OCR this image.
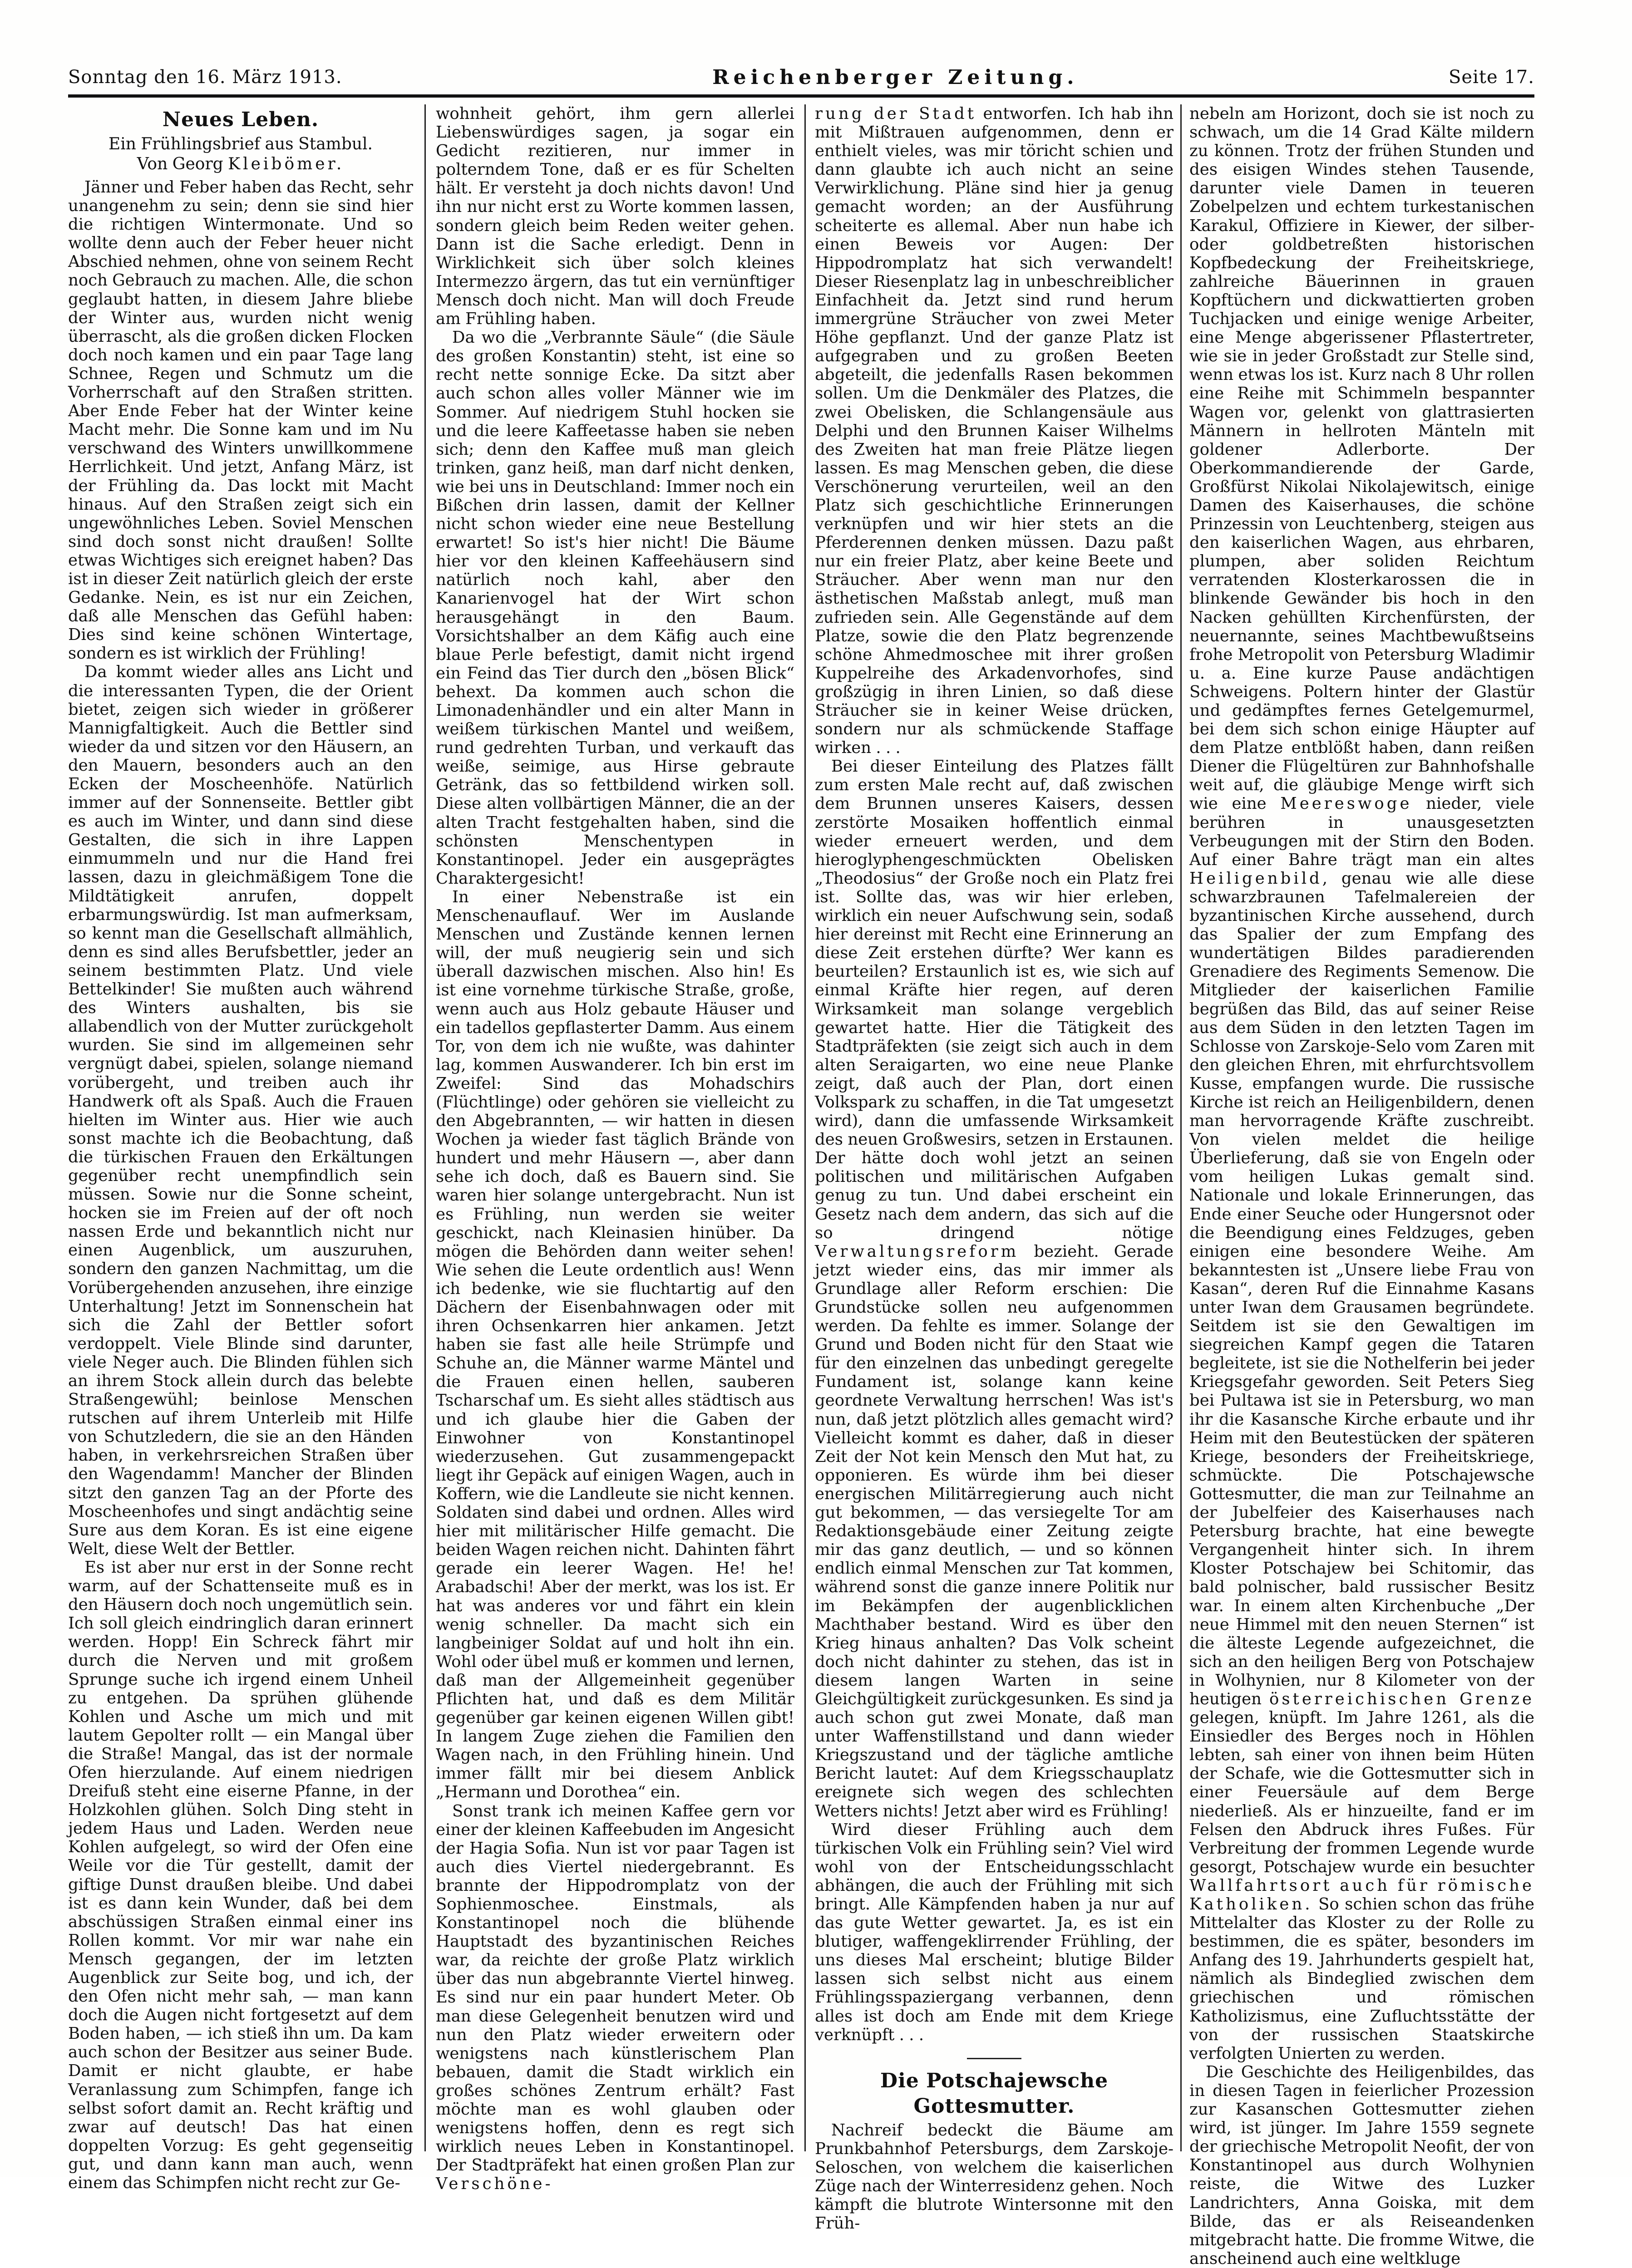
Sonntag den 16. März 1913.	Reichenberger Zeitung.	Seite 17.
Neues Leben.
Ein Frühlingsbrief aus Stambul.
Von Georg Kleibömer.

Jänner und Feber haben das Recht, sehr unangenehm zu sein; denn sie sind hier die richtigen Wintermonate. Und so wollte denn auch der Feber heuer nicht Abschied nehmen, ohne von seinem Recht noch Gebrauch zu machen. Alle, die schon geglaubt hatten, in diesem Jahre bliebe der Winter aus, wurden nicht wenig überrascht, als die großen dicken Flocken doch noch kamen und ein paar Tage lang Schnee, Regen und Schmutz um die Vorherrschaft auf den Straßen stritten. Aber Ende Feber hat der Winter keine Macht mehr. Die Sonne kam und im Nu verschwand des Winters unwillkommene Herrlichkeit. Und jetzt, Anfang März, ist der Frühling da. Das lockt mit Macht hinaus. Auf den Straßen zeigt sich ein ungewöhnliches Leben. Soviel Menschen sind doch sonst nicht draußen! Sollte etwas Wichtiges sich ereignet haben? Das ist in dieser Zeit natürlich gleich der erste Gedanke. Nein, es ist nur ein Zeichen, daß alle Menschen das Gefühl haben: Dies sind keine schönen Wintertage, sondern es ist wirklich der Frühling!

Da kommt wieder alles ans Licht und die interessanten Typen, die der Orient bietet, zeigen sich wieder in größerer Mannigfaltigkeit. Auch die Bettler sind wieder da und sitzen vor den Häusern, an den Mauern, besonders auch an den Ecken der Moscheenhöfe. Natürlich immer auf der Sonnenseite. Bettler gibt es auch im Winter, und dann sind diese Gestalten, die sich in ihre Lappen einmummeln und nur die Hand frei lassen, dazu in gleichmäßigem Tone die Mildtätigkeit anrufen, doppelt erbarmungswürdig. Ist man aufmerksam, so kennt man die Gesellschaft allmählich, denn es sind alles Berufsbettler, jeder an seinem bestimmten Platz. Und viele Bettelkinder! Sie mußten auch während des Winters aushalten, bis sie allabendlich von der Mutter zurückgeholt wurden. Sie sind im allgemeinen sehr vergnügt dabei, spielen, solange niemand vorübergeht, und treiben auch ihr Handwerk oft als Spaß. Auch die Frauen hielten im Winter aus. Hier wie auch sonst machte ich die Beobachtung, daß die türkischen Frauen den Erkältungen gegenüber recht unempfindlich sein müssen. Sowie nur die Sonne scheint, hocken sie im Freien auf der oft noch nassen Erde und bekanntlich nicht nur einen Augenblick, um auszuruhen, sondern den ganzen Nachmittag, um die Vorübergehenden anzusehen, ihre einzige Unterhaltung! Jetzt im Sonnenschein hat sich die Zahl der Bettler sofort verdoppelt. Viele Blinde sind darunter, viele Neger auch. Die Blinden fühlen sich an ihrem Stock allein durch das belebte Straßengewühl; beinlose Menschen rutschen auf ihrem Unterleib mit Hilfe von Schutzledern, die sie an den Händen haben, in verkehrsreichen Straßen über den Wagendamm! Mancher der Blinden sitzt den ganzen Tag an der Pforte des Moscheenhofes und singt andächtig seine Sure aus dem Koran. Es ist eine eigene Welt, diese Welt der Bettler.

Es ist aber nur erst in der Sonne recht warm, auf der Schattenseite muß es in den Häusern doch noch ungemütlich sein. Ich soll gleich eindringlich daran erinnert werden. Hopp! Ein Schreck fährt mir durch die Nerven und mit großem Sprunge suche ich irgend einem Unheil zu entgehen. Da sprühen glühende Kohlen und Asche um mich und mit lautem Gepolter rollt — ein Mangal über die Straße! Mangal, das ist der normale Ofen hierzulande. Auf einem niedrigen Dreifuß steht eine eiserne Pfanne, in der Holzkohlen glühen. Solch Ding steht in jedem Haus und Laden. Werden neue Kohlen aufgelegt, so wird der Ofen eine Weile vor die Tür gestellt, damit der giftige Dunst draußen bleibe. Und dabei ist es dann kein Wunder, daß bei dem abschüssigen Straßen einmal einer ins Rollen kommt. Vor mir war nahe ein Mensch gegangen, der im letzten Augenblick zur Seite bog, und ich, der den Ofen nicht mehr sah, — man kann doch die Augen nicht fortgesetzt auf dem Boden haben, — ich stieß ihn um. Da kam auch schon der Besitzer aus seiner Bude. Damit er nicht glaubte, er habe Veranlassung zum Schimpfen, fange ich selbst sofort damit an. Recht kräftig und zwar auf deutsch! Das hat einen doppelten Vorzug: Es geht gegenseitig gut, und dann kann man auch, wenn einem das Schimpfen nicht recht zur Ge-

wohnheit gehört, ihm gern allerlei Liebenswürdiges sagen, ja sogar ein Gedicht rezitieren, nur immer in polterndem Tone, daß er es für Schelten hält. Er versteht ja doch nichts davon! Und ihn nur nicht erst zu Worte kommen lassen, sondern gleich beim Reden weiter gehen. Dann ist die Sache erledigt. Denn in Wirklichkeit sich über solch kleines Intermezzo ärgern, das tut ein vernünftiger Mensch doch nicht. Man will doch Freude am Frühling haben.

Da wo die „Verbrannte Säule“ (die Säule des großen Konstantin) steht, ist eine so recht nette sonnige Ecke. Da sitzt aber auch schon alles voller Männer wie im Sommer. Auf niedrigem Stuhl hocken sie und die leere Kaffeetasse haben sie neben sich; denn den Kaffee muß man gleich trinken, ganz heiß, man darf nicht denken, wie bei uns in Deutschland: Immer noch ein Bißchen drin lassen, damit der Kellner nicht schon wieder eine neue Bestellung erwartet! So ist's hier nicht! Die Bäume hier vor den kleinen Kaffeehäusern sind natürlich noch kahl, aber den Kanarienvogel hat der Wirt schon herausgehängt in den Baum. Vorsichtshalber an dem Käfig auch eine blaue Perle befestigt, damit nicht irgend ein Feind das Tier durch den „bösen Blick“ behext. Da kommen auch schon die Limonadenhändler und ein alter Mann in weißem türkischen Mantel und weißem, rund gedrehten Turban, und verkauft das weiße, seimige, aus Hirse gebraute Getränk, das so fettbildend wirken soll. Diese alten vollbärtigen Männer, die an der alten Tracht festgehalten haben, sind die schönsten Menschentypen in Konstantinopel. Jeder ein ausgeprägtes Charaktergesicht!

In einer Nebenstraße ist ein Menschenauflauf. Wer im Auslande Menschen und Zustände kennen lernen will, der muß neugierig sein und sich überall dazwischen mischen. Also hin! Es ist eine vornehme türkische Straße, große, wenn auch aus Holz gebaute Häuser und ein tadellos gepflasterter Damm. Aus einem Tor, von dem ich nie wußte, was dahinter lag, kommen Auswanderer. Ich bin erst im Zweifel: Sind das Mohadschirs (Flüchtlinge) oder gehören sie vielleicht zu den Abgebrannten, — wir hatten in diesen Wochen ja wieder fast täglich Brände von hundert und mehr Häusern —, aber dann sehe ich doch, daß es Bauern sind. Sie waren hier solange untergebracht. Nun ist es Frühling, nun werden sie weiter geschickt, nach Kleinasien hinüber. Da mögen die Behörden dann weiter sehen! Wie sehen die Leute ordentlich aus! Wenn ich bedenke, wie sie fluchtartig auf den Dächern der Eisenbahnwagen oder mit ihren Ochsenkarren hier ankamen. Jetzt haben sie fast alle heile Strümpfe und Schuhe an, die Männer warme Mäntel und die Frauen einen hellen, sauberen Tscharschaf um. Es sieht alles städtisch aus und ich glaube hier die Gaben der Einwohner von Konstantinopel wiederzusehen. Gut zusammengepackt liegt ihr Gepäck auf einigen Wagen, auch in Koffern, wie die Landleute sie nicht kennen. Soldaten sind dabei und ordnen. Alles wird hier mit militärischer Hilfe gemacht. Die beiden Wagen reichen nicht. Dahinten fährt gerade ein leerer Wagen. He! he! Arabadschi! Aber der merkt, was los ist. Er hat was anderes vor und fährt ein klein wenig schneller. Da macht sich ein langbeiniger Soldat auf und holt ihn ein. Wohl oder übel muß er kommen und lernen, daß man der Allgemeinheit gegenüber Pflichten hat, und daß es dem Militär gegenüber gar keinen eigenen Willen gibt! In langem Zuge ziehen die Familien den Wagen nach, in den Frühling hinein. Und immer fällt mir bei diesem Anblick „Hermann und Dorothea“ ein.

Sonst trank ich meinen Kaffee gern vor einer der kleinen Kaffeebuden im Angesicht der Hagia Sofia. Nun ist vor paar Tagen ist auch dies Viertel niedergebrannt. Es brannte der Hippodromplatz von der Sophienmoschee. Einstmals, als Konstantinopel noch die blühende Hauptstadt des byzantinischen Reiches war, da reichte der große Platz wirklich über das nun abgebrannte Viertel hinweg. Es sind nur ein paar hundert Meter. Ob man diese Gelegenheit benutzen wird und nun den Platz wieder erweitern oder wenigstens nach künstlerischem Plan bebauen, damit die Stadt wirklich ein großes schönes Zentrum erhält? Fast möchte man es wohl glauben oder wenigstens hoffen, denn es regt sich wirklich neues Leben in Konstantinopel. Der Stadtpräfekt hat einen großen Plan zur Verschöne-

rung der Stadt entworfen. Ich hab ihn mit Mißtrauen aufgenommen, denn er enthielt vieles, was mir töricht schien und dann glaubte ich auch nicht an seine Verwirklichung. Pläne sind hier ja genug gemacht worden; an der Ausführung scheiterte es allemal. Aber nun habe ich einen Beweis vor Augen: Der Hippodromplatz hat sich verwandelt! Dieser Riesenplatz lag in unbeschreiblicher Einfachheit da. Jetzt sind rund herum immergrüne Sträucher von zwei Meter Höhe gepflanzt. Und der ganze Platz ist aufgegraben und zu großen Beeten abgeteilt, die jedenfalls Rasen bekommen sollen. Um die Denkmäler des Platzes, die zwei Obelisken, die Schlangensäule aus Delphi und den Brunnen Kaiser Wilhelms des Zweiten hat man freie Plätze liegen lassen. Es mag Menschen geben, die diese Verschönerung verurteilen, weil an den Platz sich geschichtliche Erinnerungen verknüpfen und wir hier stets an die Pferderennen denken müssen. Dazu paßt nur ein freier Platz, aber keine Beete und Sträucher. Aber wenn man nur den ästhetischen Maßstab anlegt, muß man zufrieden sein. Alle Gegenstände auf dem Platze, sowie die den Platz begrenzende schöne Ahmedmoschee mit ihrer großen Kuppelreihe des Arkadenvorhofes, sind großzügig in ihren Linien, so daß diese Sträucher sie in keiner Weise drücken, sondern nur als schmückende Staffage wirken . . .

Bei dieser Einteilung des Platzes fällt zum ersten Male recht auf, daß zwischen dem Brunnen unseres Kaisers, dessen zerstörte Mosaiken hoffentlich einmal wieder erneuert werden, und dem hieroglyphengeschmückten Obelisken „Theodosius“ der Große noch ein Platz frei ist. Sollte das, was wir hier erleben, wirklich ein neuer Aufschwung sein, sodaß hier dereinst mit Recht eine Erinnerung an diese Zeit erstehen dürfte? Wer kann es beurteilen? Erstaunlich ist es, wie sich auf einmal Kräfte hier regen, auf deren Wirksamkeit man solange vergeblich gewartet hatte. Hier die Tätigkeit des Stadtpräfekten (sie zeigt sich auch in dem alten Seraigarten, wo eine neue Planke zeigt, daß auch der Plan, dort einen Volkspark zu schaffen, in die Tat umgesetzt wird), dann die umfassende Wirksamkeit des neuen Großwesirs, setzen in Erstaunen. Der hätte doch wohl jetzt an seinen politischen und militärischen Aufgaben genug zu tun. Und dabei erscheint ein Gesetz nach dem andern, das sich auf die so dringend nötige Verwaltungsreform bezieht. Gerade jetzt wieder eins, das mir immer als Grundlage aller Reform erschien: Die Grundstücke sollen neu aufgenommen werden. Da fehlte es immer. Solange der Grund und Boden nicht für den Staat wie für den einzelnen das unbedingt geregelte Fundament ist, solange kann keine geordnete Verwaltung herrschen! Was ist's nun, daß jetzt plötzlich alles gemacht wird? Vielleicht kommt es daher, daß in dieser Zeit der Not kein Mensch den Mut hat, zu opponieren. Es würde ihm bei dieser energischen Militärregierung auch nicht gut bekommen, — das versiegelte Tor am Redaktionsgebäude einer Zeitung zeigte mir das ganz deutlich, — und so können endlich einmal Menschen zur Tat kommen, während sonst die ganze innere Politik nur im Bekämpfen der augenblicklichen Machthaber bestand. Wird es über den Krieg hinaus anhalten? Das Volk scheint doch nicht dahinter zu stehen, das ist in diesem langen Warten in seine Gleichgültigkeit zurückgesunken. Es sind ja auch schon gut zwei Monate, daß man unter Waffenstillstand und dann wieder Kriegszustand und der tägliche amtliche Bericht lautet: Auf dem Kriegsschauplatz ereignete sich wegen des schlechten Wetters nichts! Jetzt aber wird es Frühling!

Wird dieser Frühling auch dem türkischen Volk ein Frühling sein? Viel wird wohl von der Entscheidungsschlacht abhängen, die auch der Frühling mit sich bringt. Alle Kämpfenden haben ja nur auf das gute Wetter gewartet. Ja, es ist ein blutiger, waffengeklirrender Frühling, der uns dieses Mal erscheint; blutige Bilder lassen sich selbst nicht aus einem Frühlingsspaziergang verbannen, denn alles ist doch am Ende mit dem Kriege verknüpft . . .

Die Potschajewsche Gottesmutter.

Nachreif bedeckt die Bäume am Prunkbahnhof Petersburgs, dem Zarskoje-Seloschen, von welchem die kaiserlichen Züge nach der Winterresidenz gehen. Noch kämpft die blutrote Wintersonne mit den Früh-

nebeln am Horizont, doch sie ist noch zu schwach, um die 14 Grad Kälte mildern zu können. Trotz der frühen Stunden und des eisigen Windes stehen Tausende, darunter viele Damen in teueren Zobelpelzen und echtem turkestanischen Karakul, Offiziere in Kiewer, der silber- oder goldbetreßten historischen Kopfbedeckung der Freiheitskriege, zahlreiche Bäuerinnen in grauen Kopftüchern und dickwattierten groben Tuchjacken und einige wenige Arbeiter, eine Menge abgerissener Pflastertreter, wie sie in jeder Großstadt zur Stelle sind, wenn etwas los ist. Kurz nach 8 Uhr rollen eine Reihe mit Schimmeln bespannter Wagen vor, gelenkt von glattrasierten Männern in hellroten Mänteln mit goldener Adlerborte. Der Oberkommandierende der Garde, Großfürst Nikolai Nikolajewitsch, einige Damen des Kaiserhauses, die schöne Prinzessin von Leuchtenberg, steigen aus den kaiserlichen Wagen, aus ehrbaren, plumpen, aber soliden Reichtum verratenden Klosterkarossen die in blinkende Gewänder bis hoch in den Nacken gehüllten Kirchenfürsten, der neuernannte, seines Machtbewußtseins frohe Metropolit von Petersburg Wladimir u. a. Eine kurze Pause andächtigen Schweigens. Poltern hinter der Glastür und gedämpftes fernes Getelgemurmel, bei dem sich schon einige Häupter auf dem Platze entblößt haben, dann reißen Diener die Flügeltüren zur Bahnhofshalle weit auf, die gläubige Menge wirft sich wie eine Meereswoge nieder, viele berühren in unausgesetzten Verbeugungen mit der Stirn den Boden. Auf einer Bahre trägt man ein altes Heiligenbild, genau wie alle diese schwarzbraunen Tafelmalereien der byzantinischen Kirche aussehend, durch das Spalier der zum Empfang des wundertätigen Bildes paradierenden Grenadiere des Regiments Semenow. Die Mitglieder der kaiserlichen Familie begrüßen das Bild, das auf seiner Reise aus dem Süden in den letzten Tagen im Schlosse von Zarskoje-Selo vom Zaren mit den gleichen Ehren, mit ehrfurchtsvollem Kusse, empfangen wurde. Die russische Kirche ist reich an Heiligenbildern, denen man hervorragende Kräfte zuschreibt. Von vielen meldet die heilige Überlieferung, daß sie von Engeln oder vom heiligen Lukas gemalt sind. Nationale und lokale Erinnerungen, das Ende einer Seuche oder Hungersnot oder die Beendigung eines Feldzuges, geben einigen eine besondere Weihe. Am bekanntesten ist „Unsere liebe Frau von Kasan“, deren Ruf die Einnahme Kasans unter Iwan dem Grausamen begründete. Seitdem ist sie den Gewaltigen im siegreichen Kampf gegen die Tataren begleitete, ist sie die Nothelferin bei jeder Kriegsgefahr geworden. Seit Peters Sieg bei Pultawa ist sie in Petersburg, wo man ihr die Kasansche Kirche erbaute und ihr Heim mit den Beutestücken der späteren Kriege, besonders der Freiheitskriege, schmückte. Die Potschajewsche Gottesmutter, die man zur Teilnahme an der Jubelfeier des Kaiserhauses nach Petersburg brachte, hat eine bewegte Vergangenheit hinter sich. In ihrem Kloster Potschajew bei Schitomir, das bald polnischer, bald russischer Besitz war. In einem alten Kirchenbuche „Der neue Himmel mit den neuen Sternen“ ist die älteste Legende aufgezeichnet, die sich an den heiligen Berg von Potschajew in Wolhynien, nur 8 Kilometer von der heutigen österreichischen Grenze gelegen, knüpft. Im Jahre 1261, als die Einsiedler des Berges noch in Höhlen lebten, sah einer von ihnen beim Hüten der Schafe, wie die Gottesmutter sich in einer Feuersäule auf dem Berge niederließ. Als er hinzueilte, fand er im Felsen den Abdruck ihres Fußes. Für Verbreitung der frommen Legende wurde gesorgt, Potschajew wurde ein besuchter Wallfahrtsort auch für römische Katholiken. So schien schon das frühe Mittelalter das Kloster zu der Rolle zu bestimmen, die es später, besonders im Anfang des 19. Jahrhunderts gespielt hat, nämlich als Bindeglied zwischen dem griechischen und römischen Katholizismus, eine Zufluchtsstätte der von der russischen Staatskirche verfolgten Unierten zu werden.

Die Geschichte des Heiligenbildes, das in diesen Tagen in feierlicher Prozession zur Kasanschen Gottesmutter ziehen wird, ist jünger. Im Jahre 1559 segnete der griechische Metropolit Neofit, der von Konstantinopel aus durch Wolhynien reiste, die Witwe des Luzker Landrichters, Anna Goiska, mit dem Bilde, das er als Reiseandenken mitgebracht hatte. Die fromme Witwe, die anscheinend auch eine weltkluge
